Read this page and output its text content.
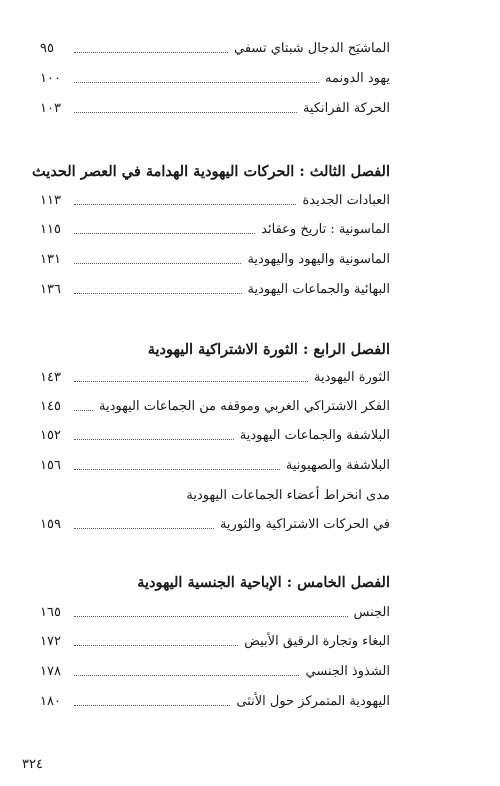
الماشيَح الدجال شبتاي تسفي
٩٥
يهود الدونمه
١٠٠
الحركة الفرانكية
١٠٣
الفصل الثالث : الحركات اليهودية الهدامة في العصر الحديث
العبادات الجديدة
١١٣
الماسونية : تاريخ وعقائد
١١٥
الماسونية واليهود واليهودية
١٣١
البهائية والجماعات اليهودية
١٣٦
الفصل الرابع : الثورة الاشتراكية اليهودية
الثورة اليهودية
١٤٣
الفكر الاشتراكي الغربي وموقفه من الجماعات اليهودية
١٤٥
البلاشفة والجماعات اليهودية
١٥٢
البلاشفة والصهيونية
١٥٦
مدى انخراط أعضاء الجماعات اليهودية
في الحركات الاشتراكية والثورية
١٥٩
الفصل الخامس : الإباحية الجنسية اليهودية
الجنس
١٦٥
البغاء وتجارة الرقيق الأبيض
١٧٢
الشذوذ الجنسي
١٧٨
اليهودية المتمركز حول الأنثى
١٨٠
٣٢٤
